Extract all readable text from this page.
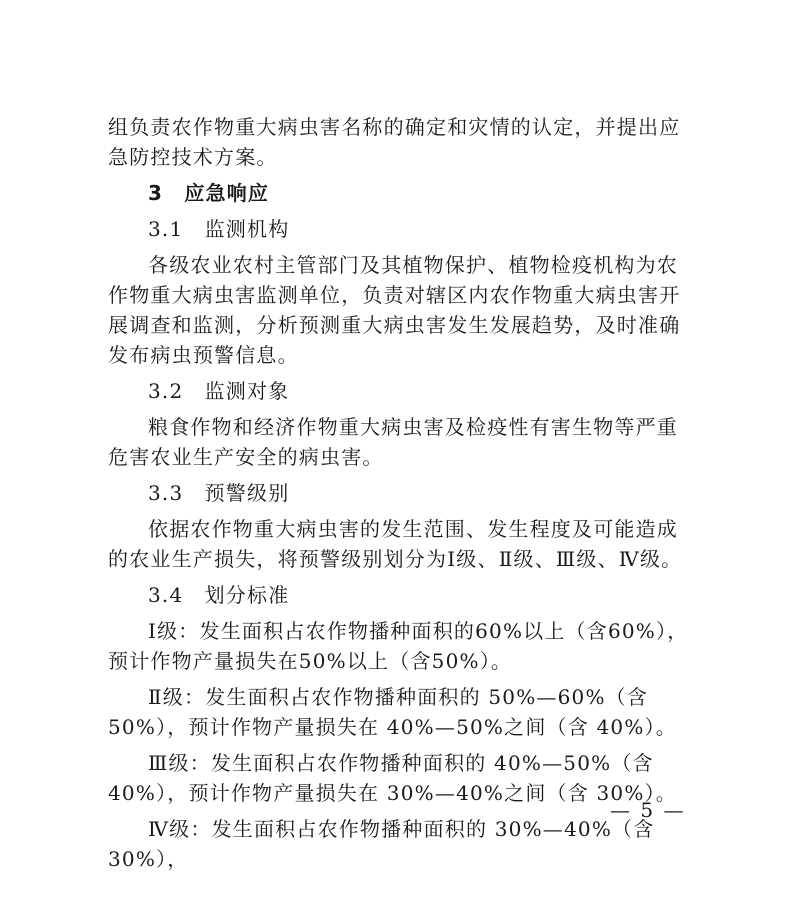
组负责农作物重大病虫害名称的确定和灾情的认定，并提出应急防控技术方案。

3　应急响应

3.1　监测机构

各级农业农村主管部门及其植物保护、植物检疫机构为农作物重大病虫害监测单位，负责对辖区内农作物重大病虫害开展调查和监测，分析预测重大病虫害发生发展趋势，及时准确发布病虫预警信息。

3.2　监测对象

粮食作物和经济作物重大病虫害及检疫性有害生物等严重危害农业生产安全的病虫害。

3.3　预警级别

依据农作物重大病虫害的发生范围、发生程度及可能造成的农业生产损失，将预警级别划分为Ⅰ级、Ⅱ级、Ⅲ级、Ⅳ级。

3.4　划分标准

Ⅰ级：发生面积占农作物播种面积的60%以上（含60%），预计作物产量损失在50%以上（含50%）。

Ⅱ级：发生面积占农作物播种面积的 50%—60%（含 50%），预计作物产量损失在 40%—50%之间（含 40%）。

Ⅲ级：发生面积占农作物播种面积的 40%—50%（含 40%），预计作物产量损失在 30%—40%之间（含 30%）。

Ⅳ级：发生面积占农作物播种面积的 30%—40%（含 30%），

— 5 —
